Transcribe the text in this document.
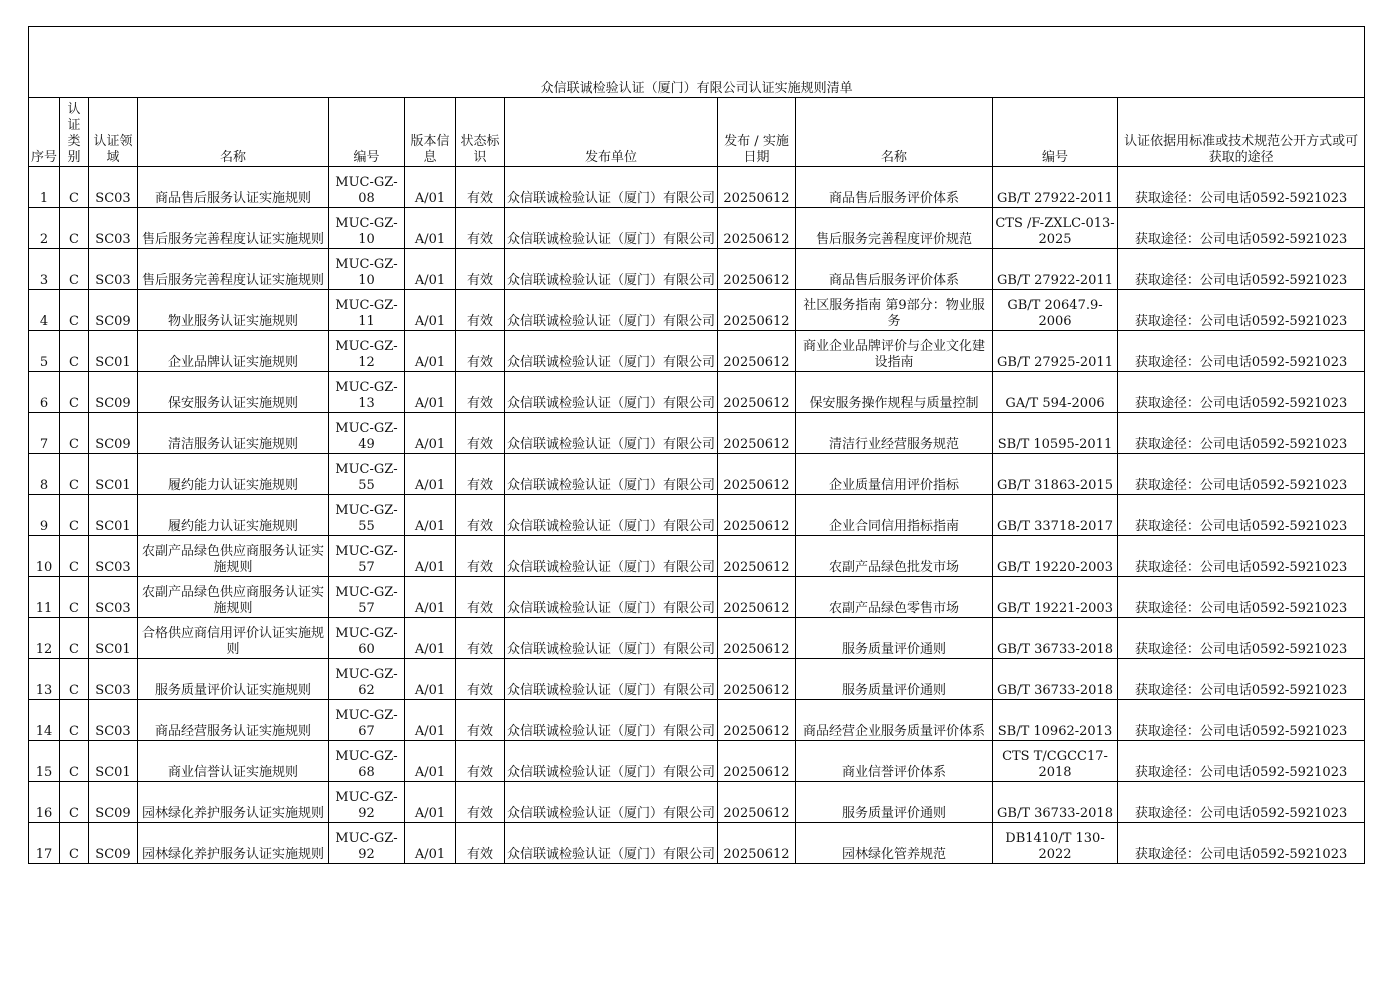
众信联诚检验认证（厦门）有限公司认证实施规则清单											
序号	认证类别	认证领域	名称	编号	版本信息	状态标识	发布单位	发布 / 实施日期	名称	编号	认证依据用标准或技术规范公开方式或可获取的途径
1	C	SC03	商品售后服务认证实施规则	MUC-GZ-08	A/01	有效	众信联诚检验认证（厦门）有限公司	20250612	商品售后服务评价体系	GB/T 27922-2011	获取途径：公司电话0592-5921023
2	C	SC03	售后服务完善程度认证实施规则	MUC-GZ-10	A/01	有效	众信联诚检验认证（厦门）有限公司	20250612	售后服务完善程度评价规范	CTS /F-ZXLC-013-2025	获取途径：公司电话0592-5921023
3	C	SC03	售后服务完善程度认证实施规则	MUC-GZ-10	A/01	有效	众信联诚检验认证（厦门）有限公司	20250612	商品售后服务评价体系	GB/T 27922-2011	获取途径：公司电话0592-5921023
4	C	SC09	物业服务认证实施规则	MUC-GZ-11	A/01	有效	众信联诚检验认证（厦门）有限公司	20250612	社区服务指南 第9部分：物业服务	GB/T 20647.9-2006	获取途径：公司电话0592-5921023
5	C	SC01	企业品牌认证实施规则	MUC-GZ-12	A/01	有效	众信联诚检验认证（厦门）有限公司	20250612	商业企业品牌评价与企业文化建设指南	GB/T 27925-2011	获取途径：公司电话0592-5921023
6	C	SC09	保安服务认证实施规则	MUC-GZ-13	A/01	有效	众信联诚检验认证（厦门）有限公司	20250612	保安服务操作规程与质量控制	GA/T 594-2006	获取途径：公司电话0592-5921023
7	C	SC09	清洁服务认证实施规则	MUC-GZ-49	A/01	有效	众信联诚检验认证（厦门）有限公司	20250612	清洁行业经营服务规范	SB/T 10595-2011	获取途径：公司电话0592-5921023
8	C	SC01	履约能力认证实施规则	MUC-GZ-55	A/01	有效	众信联诚检验认证（厦门）有限公司	20250612	企业质量信用评价指标	GB/T 31863-2015	获取途径：公司电话0592-5921023
9	C	SC01	履约能力认证实施规则	MUC-GZ-55	A/01	有效	众信联诚检验认证（厦门）有限公司	20250612	企业合同信用指标指南	GB/T 33718-2017	获取途径：公司电话0592-5921023
10	C	SC03	农副产品绿色供应商服务认证实施规则	MUC-GZ-57	A/01	有效	众信联诚检验认证（厦门）有限公司	20250612	农副产品绿色批发市场	GB/T 19220-2003	获取途径：公司电话0592-5921023
11	C	SC03	农副产品绿色供应商服务认证实施规则	MUC-GZ-57	A/01	有效	众信联诚检验认证（厦门）有限公司	20250612	农副产品绿色零售市场	GB/T 19221-2003	获取途径：公司电话0592-5921023
12	C	SC01	合格供应商信用评价认证实施规则	MUC-GZ-60	A/01	有效	众信联诚检验认证（厦门）有限公司	20250612	服务质量评价通则	GB/T 36733-2018	获取途径：公司电话0592-5921023
13	C	SC03	服务质量评价认证实施规则	MUC-GZ-62	A/01	有效	众信联诚检验认证（厦门）有限公司	20250612	服务质量评价通则	GB/T 36733-2018	获取途径：公司电话0592-5921023
14	C	SC03	商品经营服务认证实施规则	MUC-GZ-67	A/01	有效	众信联诚检验认证（厦门）有限公司	20250612	商品经营企业服务质量评价体系	SB/T 10962-2013	获取途径：公司电话0592-5921023
15	C	SC01	商业信誉认证实施规则	MUC-GZ-68	A/01	有效	众信联诚检验认证（厦门）有限公司	20250612	商业信誉评价体系	CTS T/CGCC17-2018	获取途径：公司电话0592-5921023
16	C	SC09	园林绿化养护服务认证实施规则	MUC-GZ-92	A/01	有效	众信联诚检验认证（厦门）有限公司	20250612	服务质量评价通则	GB/T 36733-2018	获取途径：公司电话0592-5921023
17	C	SC09	园林绿化养护服务认证实施规则	MUC-GZ-92	A/01	有效	众信联诚检验认证（厦门）有限公司	20250612	园林绿化管养规范	DB1410/T 130-2022	获取途径：公司电话0592-5921023
